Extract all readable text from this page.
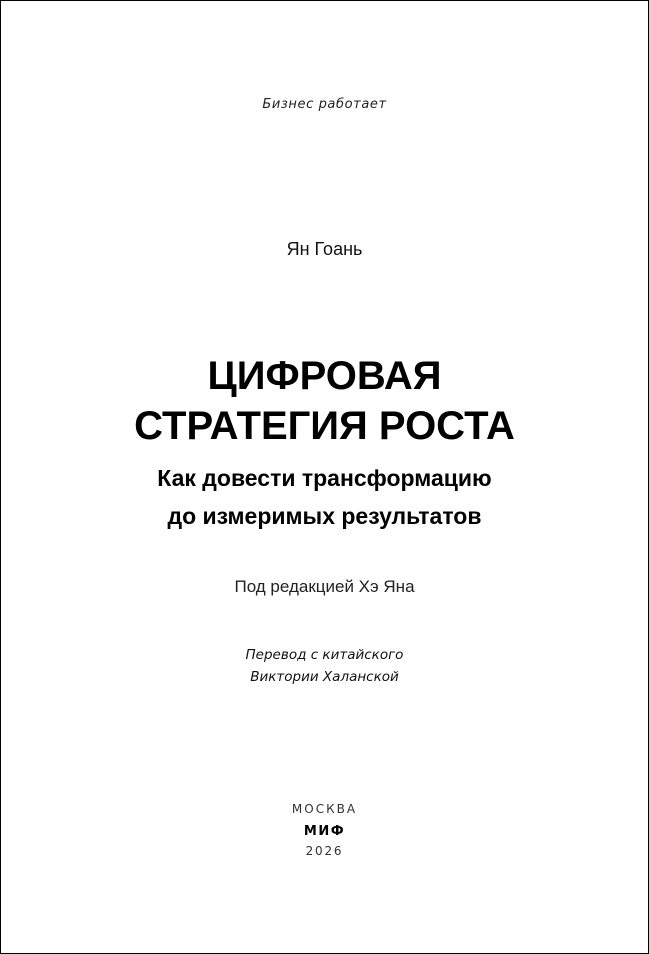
Бизнес работает
Ян Гоань
ЦИФРОВАЯ
СТРАТЕГИЯ РОСТА
Как довести трансформацию
до измеримых результатов
Под редакцией Хэ Яна
Перевод с китайского
Виктории Халанской
МОСКВА
МИФ
2026
